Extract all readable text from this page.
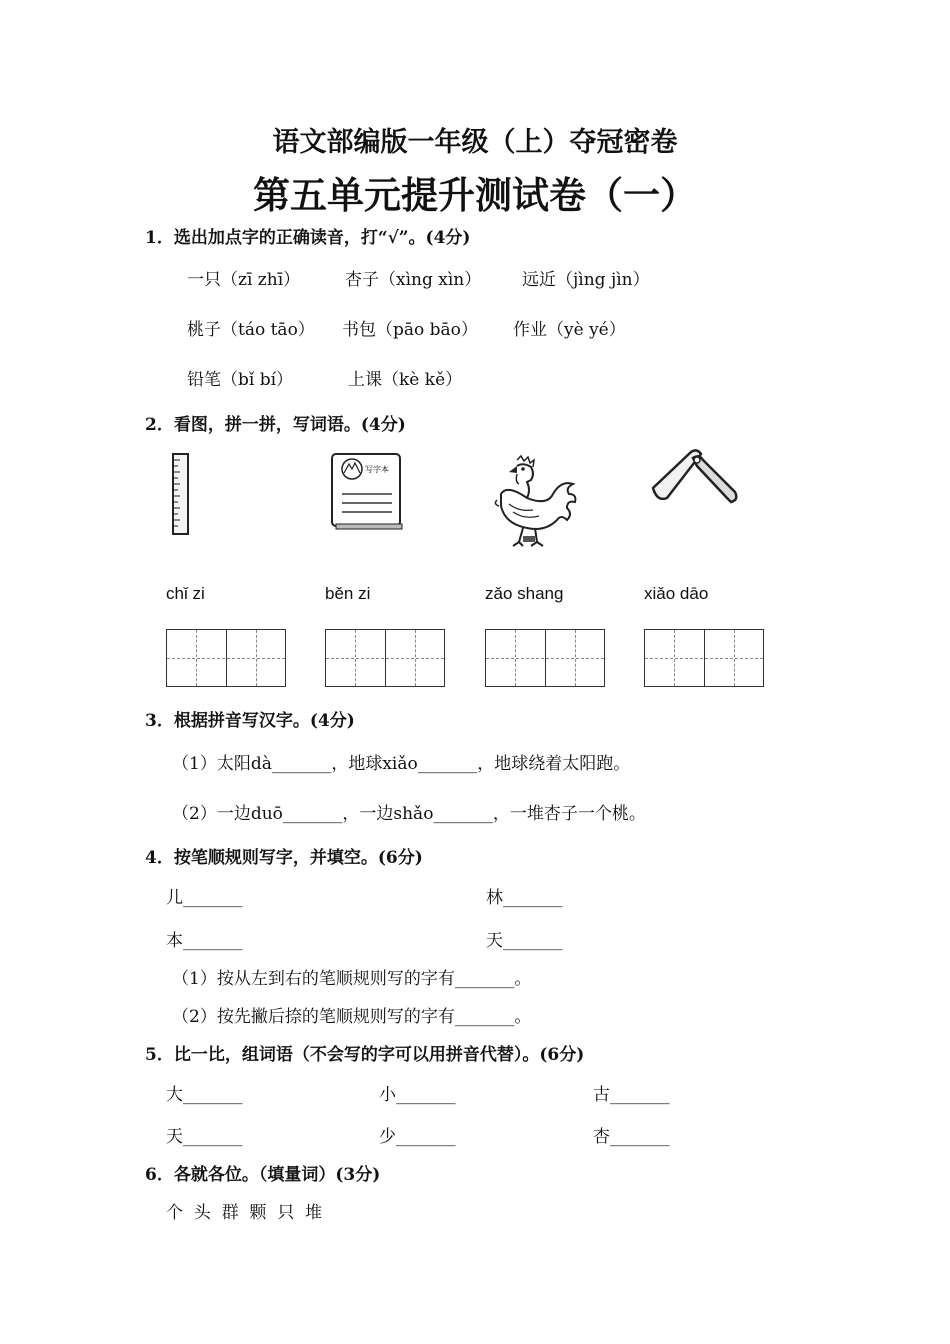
语文部编版一年级（上）夺冠密卷
第五单元提升测试卷（一）
1．选出加点字的正确读音，打“√”。(4分)
一只（zī zhī）	杏子（xìng xìn） 远近（jìng jìn）
桃子（táo tāo） 书包（pāo bāo） 作业（yè yé）
铅笔（bǐ bí）	上课（kè kě）
2．看图，拼一拼，写词语。(4分)
写字本
chǐ zi	běn zi	zǎo shang	xiǎo dāo
3．根据拼音写汉字。(4分)
（1）太阳dà_______，地球xiǎo_______，地球绕着太阳跑。
（2）一边duō_______，一边shǎo_______，一堆杏子一个桃。
4．按笔顺规则写字，并填空。(6分)
儿_______	林_______
本_______	天_______
（1）按从左到右的笔顺规则写的字有_______。
（2）按先撇后捺的笔顺规则写的字有_______。
5．比一比，组词语（不会写的字可以用拼音代替）。(6分)
大_______	小_______	古_______
天_______	少_______	杏_______
6．各就各位。（填量词）(3分)
个  头  群  颗  只  堆
